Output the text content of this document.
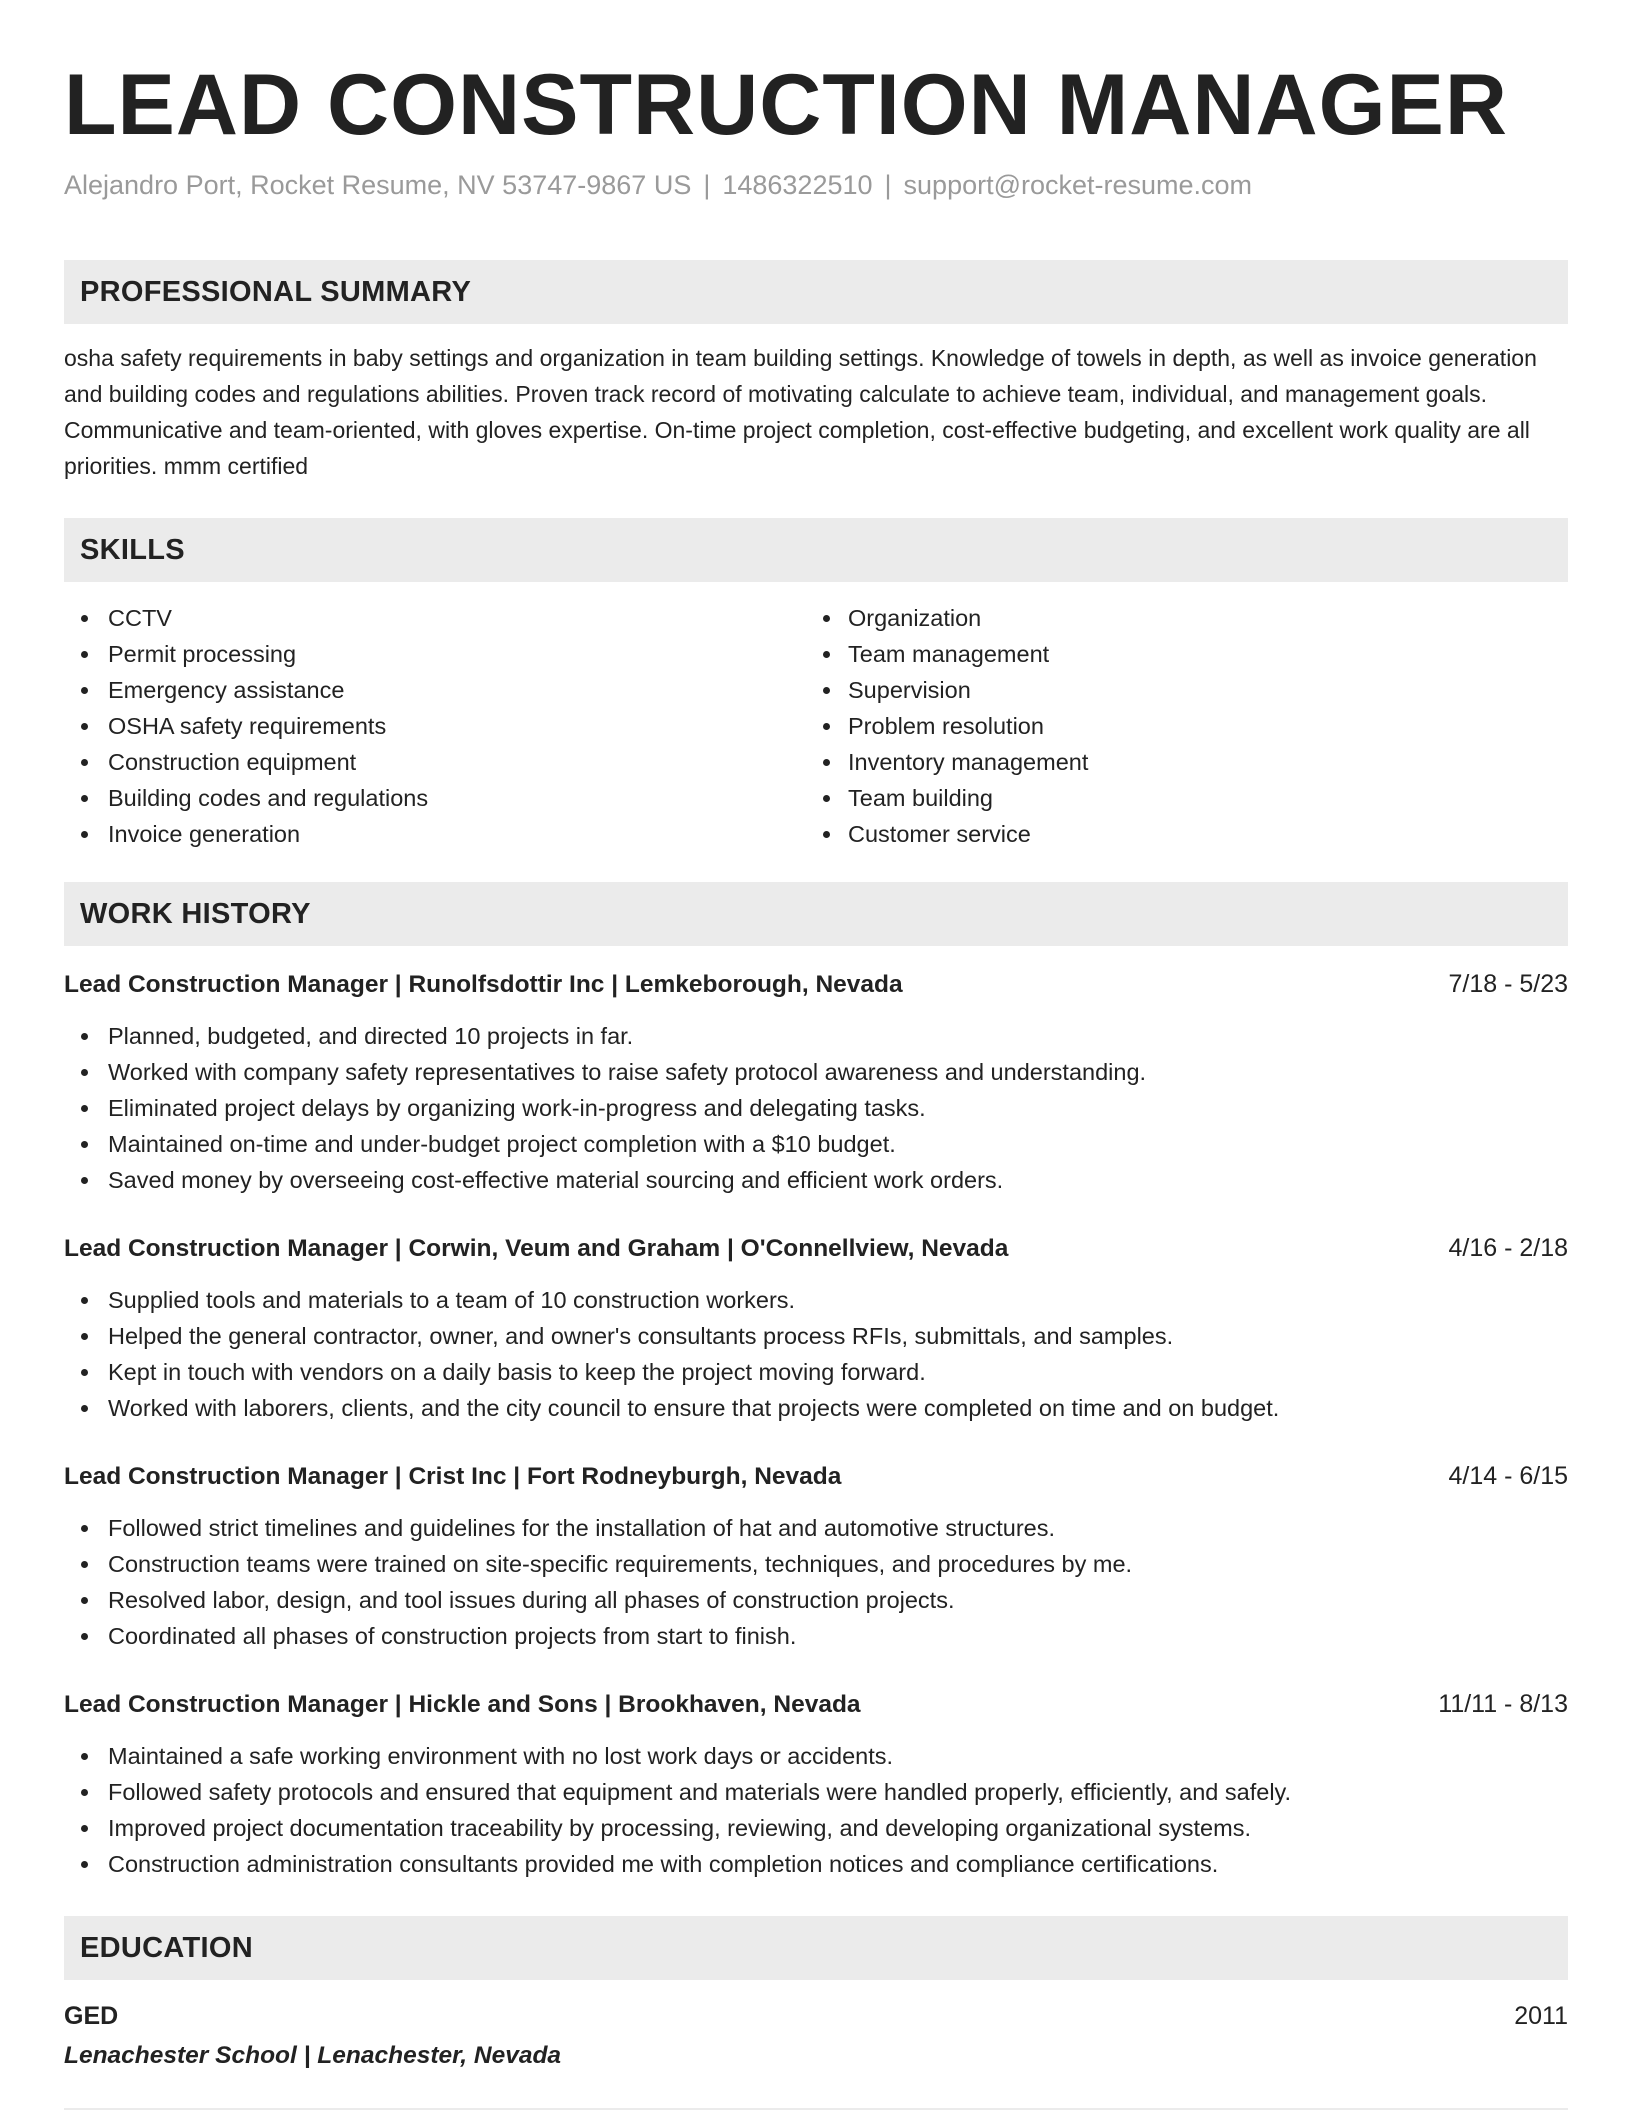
LEAD CONSTRUCTION MANAGER
Alejandro Port, Rocket Resume, NV 53747-9867 US | 1486322510 | support@rocket-resume.com
PROFESSIONAL SUMMARY
osha safety requirements in baby settings and organization in team building settings. Knowledge of towels in depth, as well as invoice generation and building codes and regulations abilities. Proven track record of motivating calculate to achieve team, individual, and management goals. Communicative and team-oriented, with gloves expertise. On-time project completion, cost-effective budgeting, and excellent work quality are all priorities. mmm certified
SKILLS
CCTV
Permit processing
Emergency assistance
OSHA safety requirements
Construction equipment
Building codes and regulations
Invoice generation
Organization
Team management
Supervision
Problem resolution
Inventory management
Team building
Customer service
WORK HISTORY
Lead Construction Manager | Runolfsdottir Inc | Lemkeborough, Nevada	7/18 - 5/23
Planned, budgeted, and directed 10 projects in far.
Worked with company safety representatives to raise safety protocol awareness and understanding.
Eliminated project delays by organizing work-in-progress and delegating tasks.
Maintained on-time and under-budget project completion with a $10 budget.
Saved money by overseeing cost-effective material sourcing and efficient work orders.
Lead Construction Manager | Corwin, Veum and Graham | O'Connellview, Nevada	4/16 - 2/18
Supplied tools and materials to a team of 10 construction workers.
Helped the general contractor, owner, and owner's consultants process RFIs, submittals, and samples.
Kept in touch with vendors on a daily basis to keep the project moving forward.
Worked with laborers, clients, and the city council to ensure that projects were completed on time and on budget.
Lead Construction Manager | Crist Inc | Fort Rodneyburgh, Nevada	4/14 - 6/15
Followed strict timelines and guidelines for the installation of hat and automotive structures.
Construction teams were trained on site-specific requirements, techniques, and procedures by me.
Resolved labor, design, and tool issues during all phases of construction projects.
Coordinated all phases of construction projects from start to finish.
Lead Construction Manager | Hickle and Sons | Brookhaven, Nevada	11/11 - 8/13
Maintained a safe working environment with no lost work days or accidents.
Followed safety protocols and ensured that equipment and materials were handled properly, efficiently, and safely.
Improved project documentation traceability by processing, reviewing, and developing organizational systems.
Construction administration consultants provided me with completion notices and compliance certifications.
EDUCATION
GED	2011
Lenachester School | Lenachester, Nevada
